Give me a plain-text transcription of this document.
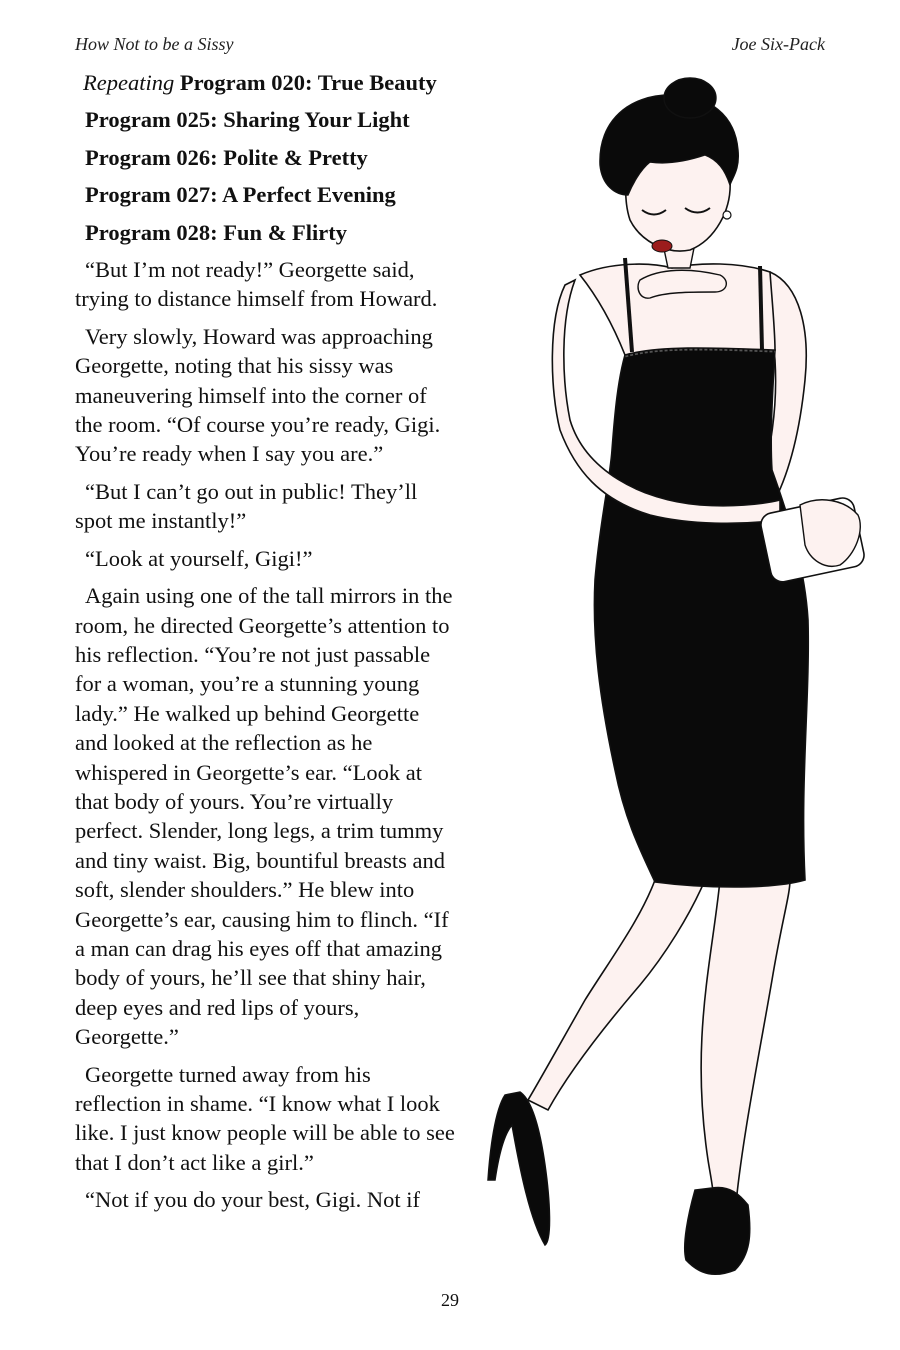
How Not to be a Sissy	Joe Six-Pack

Repeating Program 020: True Beauty

Program 025: Sharing Your Light

Program 026: Polite & Pretty

Program 027: A Perfect Evening

Program 028: Fun & Flirty

“But I’m not ready!” Georgette said, trying to distance himself from Howard.

Very slowly, Howard was approaching Georgette, noting that his sissy was maneuvering himself into the corner of the room. “Of course you’re ready, Gigi. You’re ready when I say you are.”

“But I can’t go out in public! They’ll spot me instantly!”

“Look at yourself, Gigi!”

Again using one of the tall mirrors in the room, he directed Georgette’s attention to his reflection. “You’re not just passable for a woman, you’re a stunning young lady.” He walked up behind Georgette and looked at the reflection as he whispered in Georgette’s ear. “Look at that body of yours. You’re virtually perfect. Slender, long legs, a trim tummy and tiny waist. Big, bountiful breasts and soft, slender shoulders.” He blew into Georgette’s ear, causing him to flinch. “If a man can drag his eyes off that amazing body of yours, he’ll see that shiny hair, deep eyes and red lips of yours, Georgette.”

Georgette turned away from his reflection in shame. “I know what I look like. I just know people will be able to see that I don’t act like a girl.”

“Not if you do your best, Gigi. Not if

29
